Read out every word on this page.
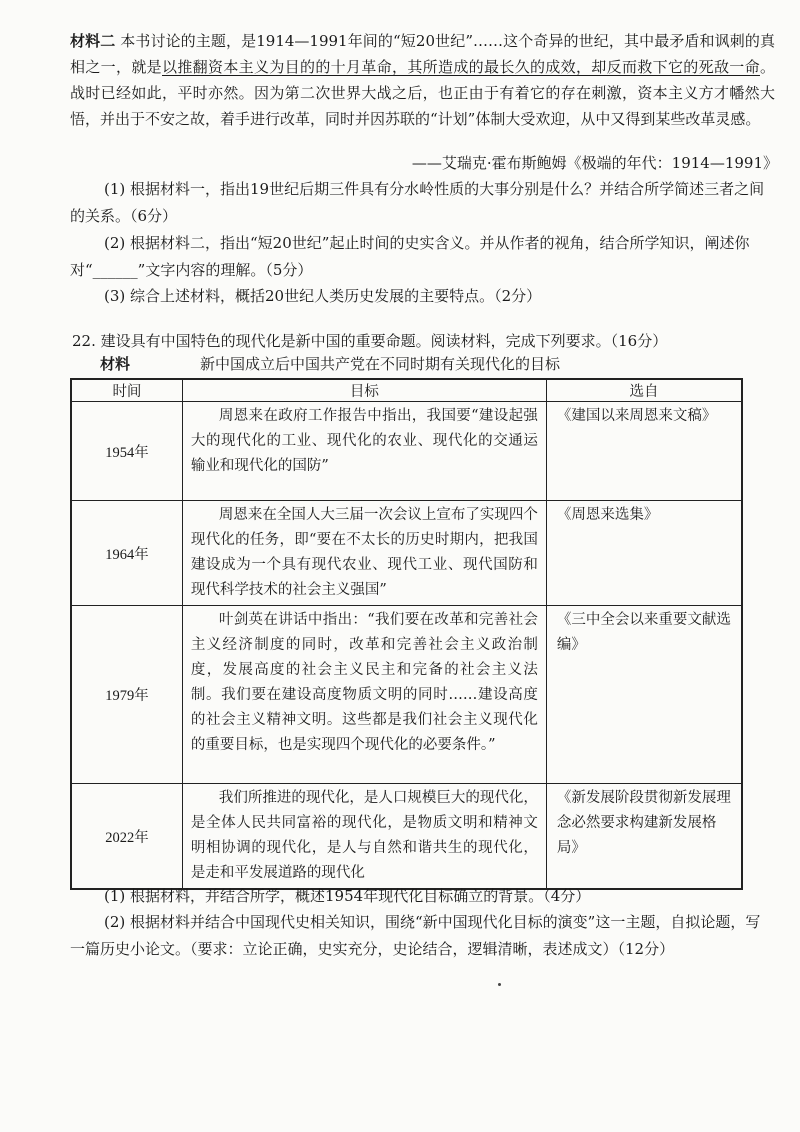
材料二 本书讨论的主题，是1914—1991年间的“短20世纪”……这个奇异的世纪，其中最矛盾和讽刺的真相之一，就是以推翻资本主义为目的的十月革命，其所造成的最长久的成效，却反而救下它的死敌一命。战时已经如此，平时亦然。因为第二次世界大战之后，也正由于有着它的存在刺激，资本主义方才幡然大悟，并出于不安之故，着手进行改革，同时并因苏联的“计划”体制大受欢迎，从中又得到某些改革灵感。

——艾瑞克·霍布斯鲍姆《极端的年代：1914—1991》

(1) 根据材料一，指出19世纪后期三件具有分水岭性质的大事分别是什么？并结合所学简述三者之间的关系。（6分）

(2) 根据材料二，指出“短20世纪”起止时间的史实含义。并从作者的视角，结合所学知识，阐述你对“______”文字内容的理解。（5分）

(3) 综合上述材料，概括20世纪人类历史发展的主要特点。（2分）

22. 建设具有中国特色的现代化是新中国的重要命题。阅读材料，完成下列要求。（16分）

材料	新中国成立后中国共产党在不同时期有关现代化的目标
时间	目标	选自
1954年	周恩来在政府工作报告中指出，我国要“建设起强大的现代化的工业、现代化的农业、现代化的交通运输业和现代化的国防”	《建国以来周恩来文稿》
1964年	周恩来在全国人大三届一次会议上宣布了实现四个现代化的任务，即“要在不太长的历史时期内，把我国建设成为一个具有现代农业、现代工业、现代国防和现代科学技术的社会主义强国”	《周恩来选集》
1979年	叶剑英在讲话中指出：“我们要在改革和完善社会主义经济制度的同时，改革和完善社会主义政治制度，发展高度的社会主义民主和完备的社会主义法制。我们要在建设高度物质文明的同时……建设高度的社会主义精神文明。这些都是我们社会主义现代化的重要目标，也是实现四个现代化的必要条件。”	《三中全会以来重要文献选编》
2022年	我们所推进的现代化，是人口规模巨大的现代化，是全体人民共同富裕的现代化，是物质文明和精神文明相协调的现代化，是人与自然和谐共生的现代化，是走和平发展道路的现代化	《新发展阶段贯彻新发展理念必然要求构建新发展格局》

(1) 根据材料，并结合所学，概述1954年现代化目标确立的背景。（4分）

(2) 根据材料并结合中国现代史相关知识，围绕“新中国现代化目标的演变”这一主题，自拟论题，写一篇历史小论文。（要求：立论正确，史实充分，史论结合，逻辑清晰，表述成文）（12分）
